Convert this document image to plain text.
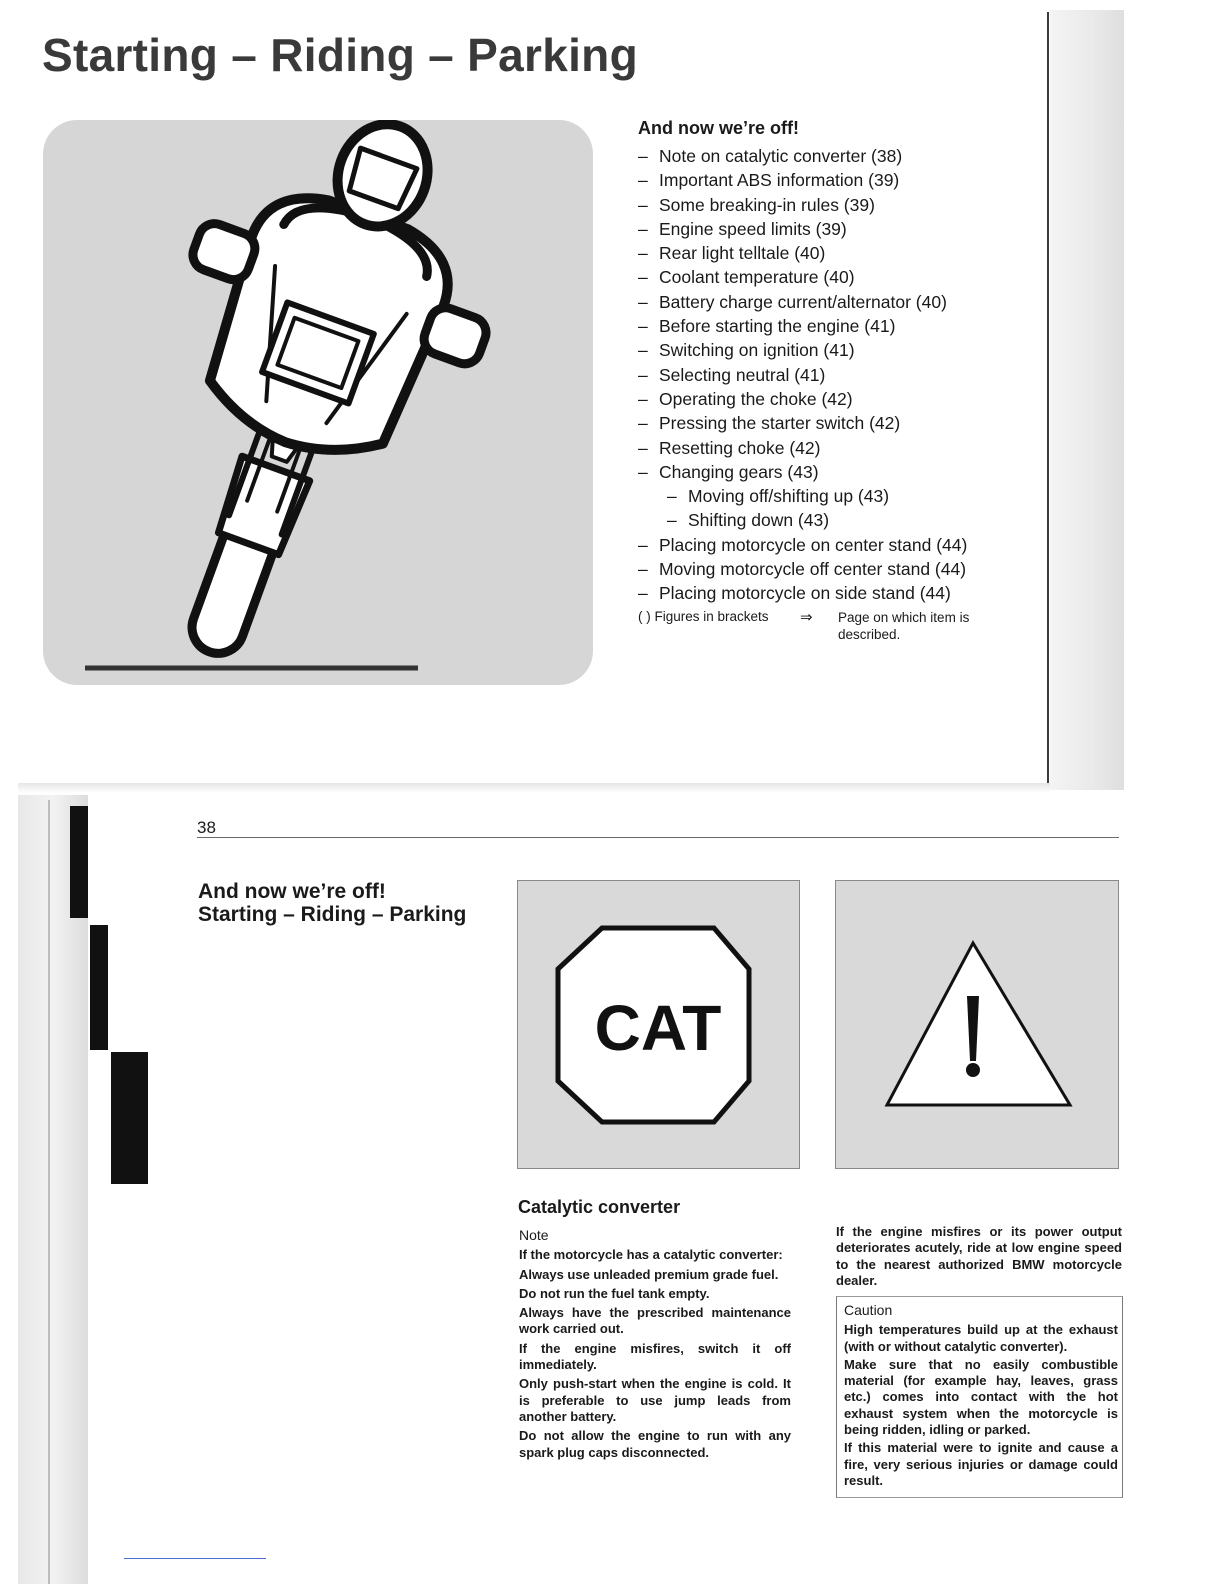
Starting – Riding – Parking
And now we’re off!
– Note on catalytic converter (38)
– Important ABS information (39)
– Some breaking-in rules (39)
– Engine speed limits (39)
– Rear light telltale (40)
– Coolant temperature (40)
– Battery charge current/alternator (40)
– Before starting the engine (41)
– Switching on ignition (41)
– Selecting neutral (41)
– Operating the choke (42)
– Pressing the starter switch (42)
– Resetting choke (42)
– Changing gears (43)
– Moving off/shifting up (43)
– Shifting down (43)
– Placing motorcycle on center stand (44)
– Moving motorcycle off center stand (44)
– Placing motorcycle on side stand (44)
( ) Figures in brackets ⇒ Page on which item is described.
38
And now we’re off!
Starting – Riding – Parking
CAT
Catalytic converter

Note

If the motorcycle has a catalytic converter:

Always use unleaded premium grade fuel.

Do not run the fuel tank empty.

Always have the prescribed maintenance work carried out.

If the engine misfires, switch it off immediately.

Only push-start when the engine is cold. It is preferable to use jump leads from another battery.

Do not allow the engine to run with any spark plug caps disconnected.

If the engine misfires or its power output deteriorates acutely, ride at low engine speed to the nearest authorized BMW motorcycle dealer.

Caution

High temperatures build up at the exhaust (with or without catalytic converter).

Make sure that no easily combustible material (for example hay, leaves, grass etc.) comes into contact with the hot exhaust system when the motorcycle is being ridden, idling or parked.

If this material were to ignite and cause a fire, very serious injuries or damage could result.
